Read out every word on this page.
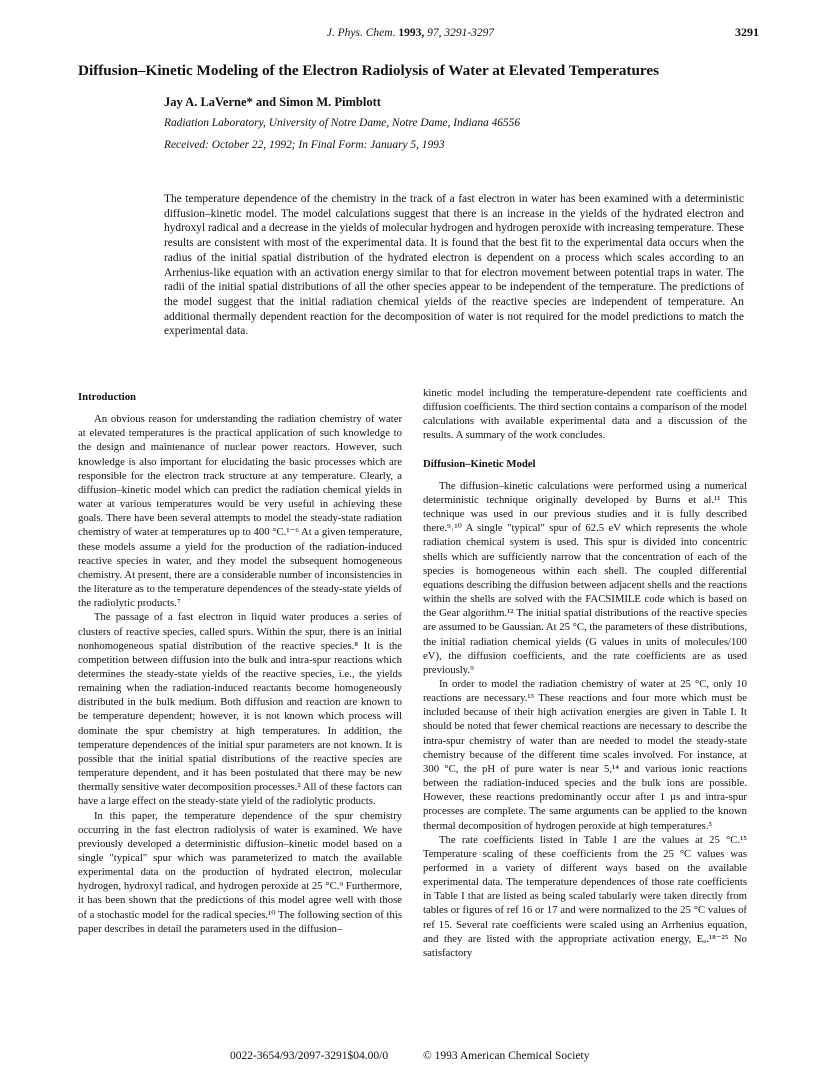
J. Phys. Chem. 1993, 97, 3291-3297	3291
Diffusion–Kinetic Modeling of the Electron Radiolysis of Water at Elevated Temperatures
Jay A. LaVerne* and Simon M. Pimblott
Radiation Laboratory, University of Notre Dame, Notre Dame, Indiana 46556
Received: October 22, 1992; In Final Form: January 5, 1993
The temperature dependence of the chemistry in the track of a fast electron in water has been examined with a deterministic diffusion–kinetic model. The model calculations suggest that there is an increase in the yields of the hydrated electron and hydroxyl radical and a decrease in the yields of molecular hydrogen and hydrogen peroxide with increasing temperature. These results are consistent with most of the experimental data. It is found that the best fit to the experimental data occurs when the radius of the initial spatial distribution of the hydrated electron is dependent on a process which scales according to an Arrhenius-like equation with an activation energy similar to that for electron movement between potential traps in water. The radii of the initial spatial distributions of all the other species appear to be independent of the temperature. The predictions of the model suggest that the initial radiation chemical yields of the reactive species are independent of temperature. An additional thermally dependent reaction for the decomposition of water is not required for the model predictions to match the experimental data.
Introduction

An obvious reason for understanding the radiation chemistry of water at elevated temperatures is the practical application of such knowledge to the design and maintenance of nuclear power reactors. However, such knowledge is also important for elucidating the basic processes which are responsible for the electron track structure at any temperature. Clearly, a diffusion–kinetic model which can predict the radiation chemical yields in water at various temperatures would be very useful in achieving these goals. There have been several attempts to model the steady-state radiation chemistry of water at temperatures up to 400 °C.¹⁻⁶ At a given temperature, these models assume a yield for the production of the radiation-induced reactive species in water, and they model the subsequent homogeneous chemistry. At present, there are a considerable number of inconsistencies in the literature as to the temperature dependences of the steady-state yields of the radiolytic products.⁷

The passage of a fast electron in liquid water produces a series of clusters of reactive species, called spurs. Within the spur, there is an initial nonhomogeneous spatial distribution of the reactive species.⁸ It is the competition between diffusion into the bulk and intra-spur reactions which determines the steady-state yields of the reactive species, i.e., the yields remaining when the radiation-induced reactants become homogeneously distributed in the bulk medium. Both diffusion and reaction are known to be temperature dependent; however, it is not known which process will dominate the spur chemistry at high temperatures. In addition, the temperature dependences of the initial spur parameters are not known. It is possible that the initial spatial distributions of the reactive species are temperature dependent, and it has been postulated that there may be new thermally sensitive water decomposition processes.² All of these factors can have a large effect on the steady-state yield of the radiolytic products.

In this paper, the temperature dependence of the spur chemistry occurring in the fast electron radiolysis of water is examined. We have previously developed a deterministic diffusion–kinetic model based on a single "typical" spur which was parameterized to match the available experimental data on the production of hydrated electron, molecular hydrogen, hydroxyl radical, and hydrogen peroxide at 25 °C.⁹ Furthermore, it has been shown that the predictions of this model agree well with those of a stochastic model for the radical species.¹⁰ The following section of this paper describes in detail the parameters used in the diffusion–

kinetic model including the temperature-dependent rate coefficients and diffusion coefficients. The third section contains a comparison of the model calculations with available experimental data and a discussion of the results. A summary of the work concludes.

Diffusion–Kinetic Model

The diffusion–kinetic calculations were performed using a numerical deterministic technique originally developed by Burns et al.¹¹ This technique was used in our previous studies and it is fully described there.⁹˒¹⁰ A single "typical" spur of 62.5 eV which represents the whole radiation chemical system is used. This spur is divided into concentric shells which are sufficiently narrow that the concentration of each of the species is homogeneous within each shell. The coupled differential equations describing the diffusion between adjacent shells and the reactions within the shells are solved with the FACSIMILE code which is based on the Gear algorithm.¹² The initial spatial distributions of the reactive species are assumed to be Gaussian. At 25 °C, the parameters of these distributions, the initial radiation chemical yields (G values in units of molecules/100 eV), the diffusion coefficients, and the rate coefficients are as used previously.⁹

In order to model the radiation chemistry of water at 25 °C, only 10 reactions are necessary.¹³ These reactions and four more which must be included because of their high activation energies are given in Table I. It should be noted that fewer chemical reactions are necessary to describe the intra-spur chemistry of water than are needed to model the steady-state chemistry because of the different time scales involved. For instance, at 300 °C, the pH of pure water is near 5,¹⁴ and various ionic reactions between the radiation-induced species and the bulk ions are possible. However, these reactions predominantly occur after 1 µs and intra-spur processes are complete. The same arguments can be applied to the known thermal decomposition of hydrogen peroxide at high temperatures.³

The rate coefficients listed in Table I are the values at 25 °C.¹⁵ Temperature scaling of these coefficients from the 25 °C values was performed in a variety of different ways based on the available experimental data. The temperature dependences of those rate coefficients in Table I that are listed as being scaled tabularly were taken directly from tables or figures of ref 16 or 17 and were normalized to the 25 °C values of ref 15. Several rate coefficients were scaled using an Arrhenius equation, and they are listed with the appropriate activation energy, Eₐ.¹⁸⁻²⁵ No satisfactory

0022-3654/93/2097-3291$04.00/0	© 1993 American Chemical Society
